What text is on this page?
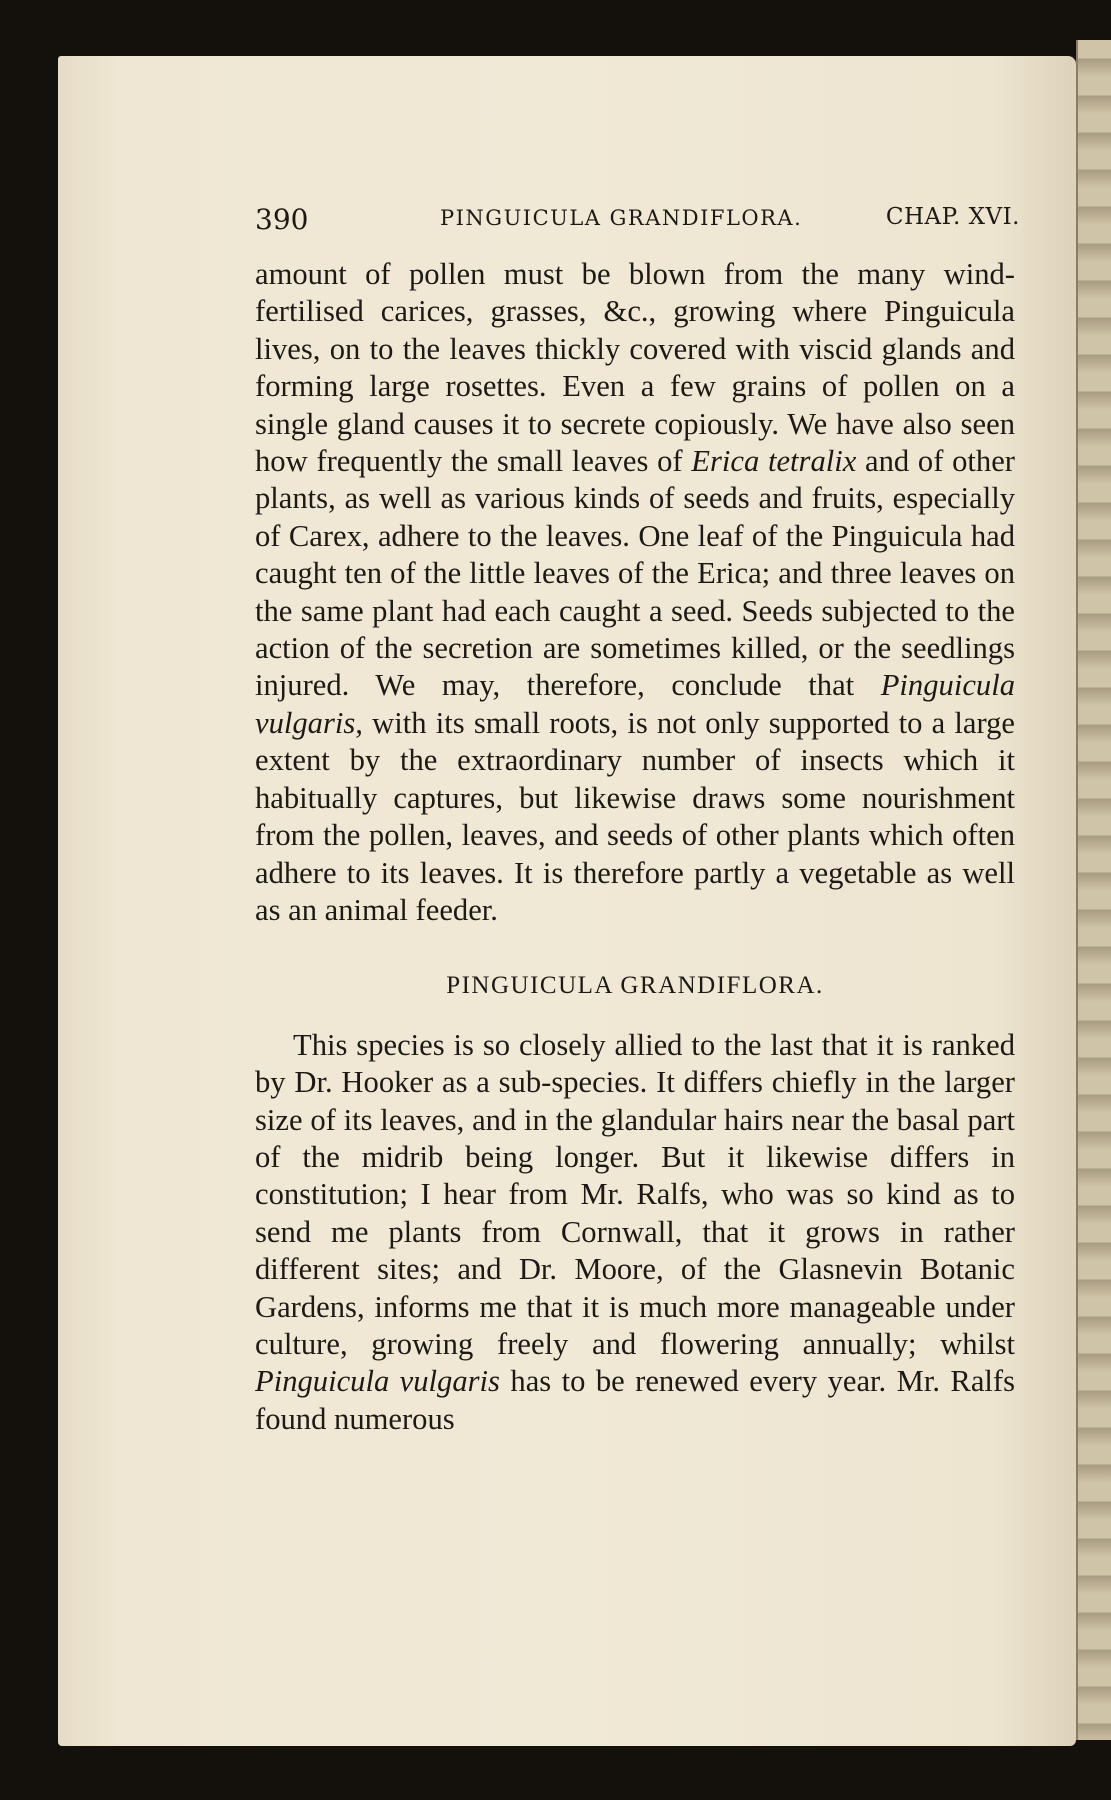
390	PINGUICULA GRANDIFLORA.	CHAP. XVI.

amount of pollen must be blown from the many wind-fertilised carices, grasses, &c., growing where Pinguicula lives, on to the leaves thickly covered with viscid glands and forming large rosettes. Even a few grains of pollen on a single gland causes it to secrete copiously. We have also seen how frequently the small leaves of Erica tetralix and of other plants, as well as various kinds of seeds and fruits, especially of Carex, adhere to the leaves. One leaf of the Pinguicula had caught ten of the little leaves of the Erica; and three leaves on the same plant had each caught a seed. Seeds subjected to the action of the secretion are sometimes killed, or the seedlings injured. We may, therefore, conclude that Pinguicula vulgaris, with its small roots, is not only supported to a large extent by the extraordinary number of insects which it habitually captures, but likewise draws some nourishment from the pollen, leaves, and seeds of other plants which often adhere to its leaves. It is therefore partly a vegetable as well as an animal feeder.

PINGUICULA GRANDIFLORA.

This species is so closely allied to the last that it is ranked by Dr. Hooker as a sub-species. It differs chiefly in the larger size of its leaves, and in the glandular hairs near the basal part of the midrib being longer. But it likewise differs in constitution; I hear from Mr. Ralfs, who was so kind as to send me plants from Cornwall, that it grows in rather different sites; and Dr. Moore, of the Glasnevin Botanic Gardens, informs me that it is much more manageable under culture, growing freely and flowering annually; whilst Pinguicula vulgaris has to be renewed every year. Mr. Ralfs found numerous
